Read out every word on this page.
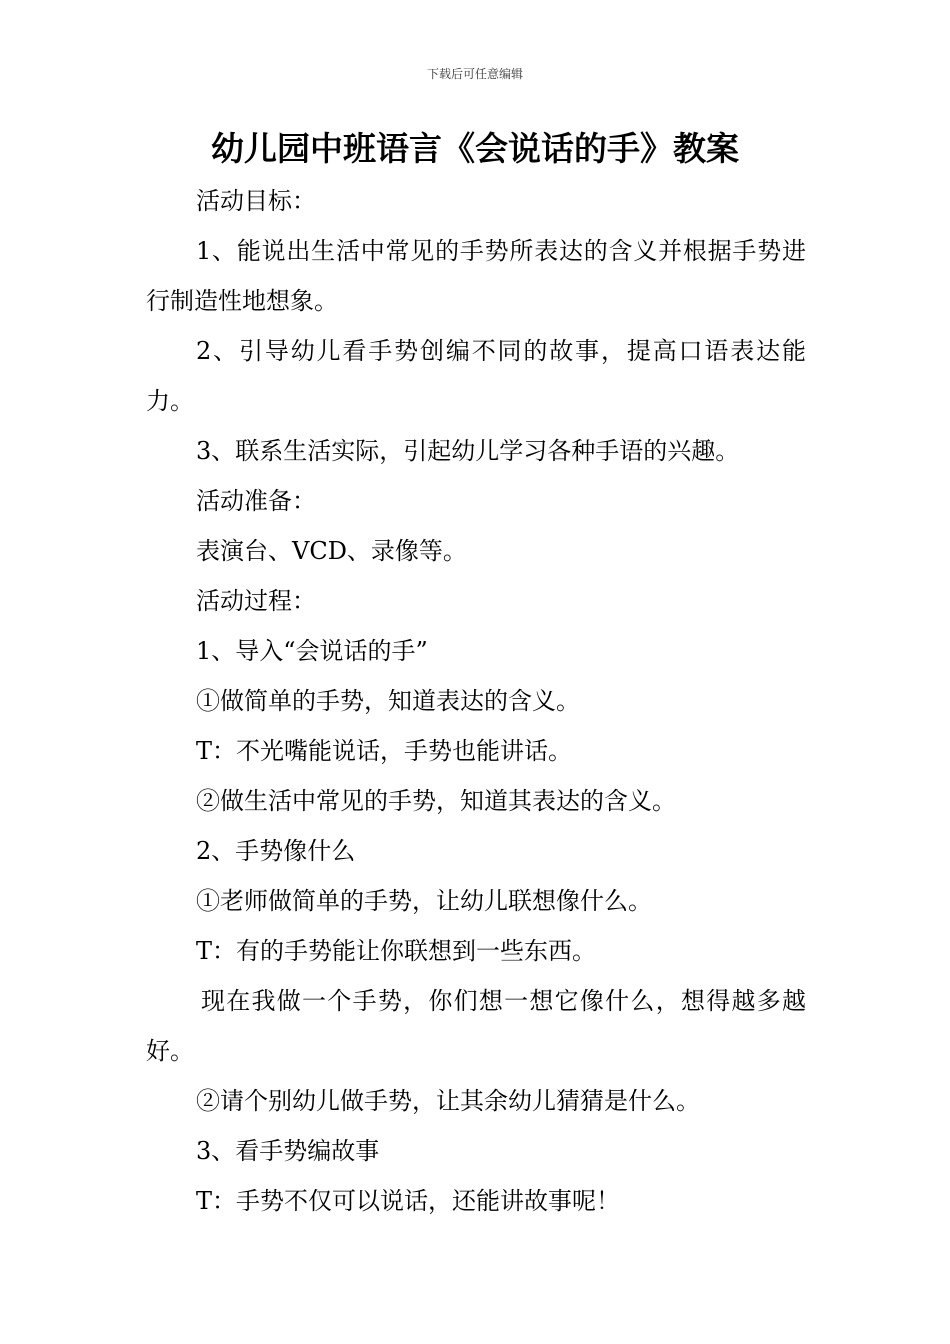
下载后可任意编辑
幼儿园中班语言《会说话的手》教案

活动目标：

1、能说出生活中常见的手势所表达的含义并根据手势进行制造性地想象。

2、引导幼儿看手势创编不同的故事，提高口语表达能力。

3、联系生活实际，引起幼儿学习各种手语的兴趣。

活动准备：

表演台、VCD、录像等。

活动过程：

1、导入“会说话的手”

①做简单的手势，知道表达的含义。

T：不光嘴能说话，手势也能讲话。

②做生活中常见的手势，知道其表达的含义。

2、手势像什么

①老师做简单的手势，让幼儿联想像什么。

T：有的手势能让你联想到一些东西。

现在我做一个手势，你们想一想它像什么，想得越多越好。

②请个别幼儿做手势，让其余幼儿猜猜是什么。

3、看手势编故事

T：手势不仅可以说话，还能讲故事呢！
